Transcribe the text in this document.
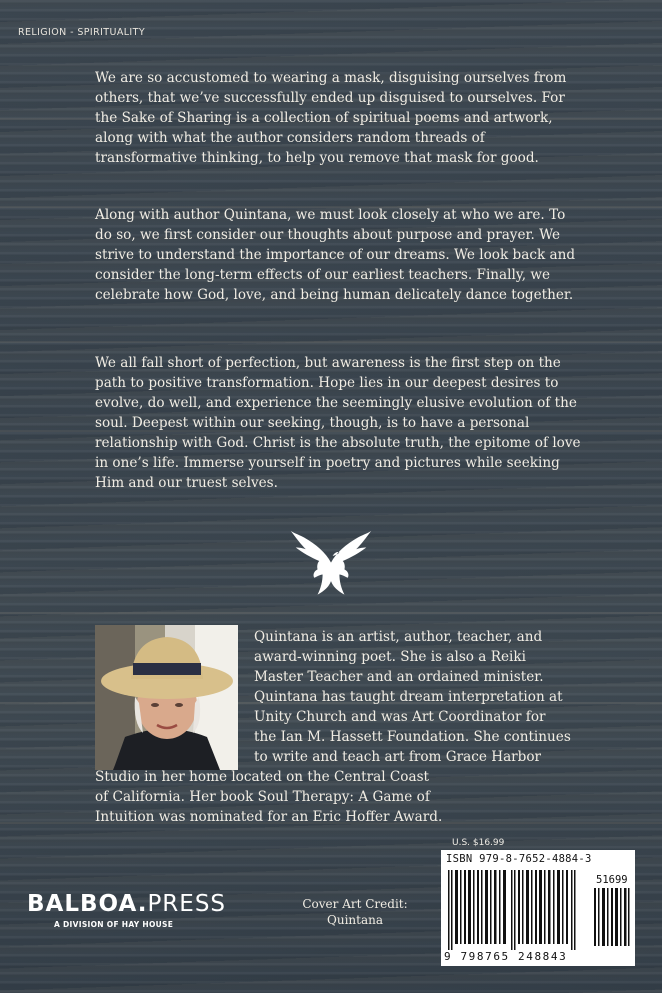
RELIGION - SPIRITUALITY

We are so accustomed to wearing a mask, disguising ourselves from others, that we’ve successfully ended up disguised to ourselves. For the Sake of Sharing is a collection of spiritual poems and artwork, along with what the author considers random threads of transformative thinking, to help you remove that mask for good.

Along with author Quintana, we must look closely at who we are. To do so, we first consider our thoughts about purpose and prayer. We strive to understand the importance of our dreams. We look back and consider the long-term effects of our earliest teachers. Finally, we celebrate how God, love, and being human delicately dance together.

We all fall short of perfection, but awareness is the first step on the path to positive transformation. Hope lies in our deepest desires to evolve, do well, and experience the seemingly elusive evolution of the soul. Deepest within our seeking, though, is to have a personal relationship with God. Christ is the absolute truth, the epitome of love in one’s life. Immerse yourself in poetry and pictures while seeking Him and our truest selves.

Quintana is an artist, author, teacher, and
award-winning poet. She is also a Reiki
Master Teacher and an ordained minister.
Quintana has taught dream interpretation at
Unity Church and was Art Coordinator for
the Ian M. Hassett Foundation. She continues
to write and teach art from Grace Harbor

Studio in her home located on the Central Coast of California. Her book Soul Therapy: A Game of Intuition was nominated for an Eric Hoffer Award.

U.S. $16.99
ISBN 979-8-7652-4884-3
51699
9 798765 248843
BALBOA.PRESS
A DIVISION OF HAY HOUSE
Cover Art Credit:
Quintana
